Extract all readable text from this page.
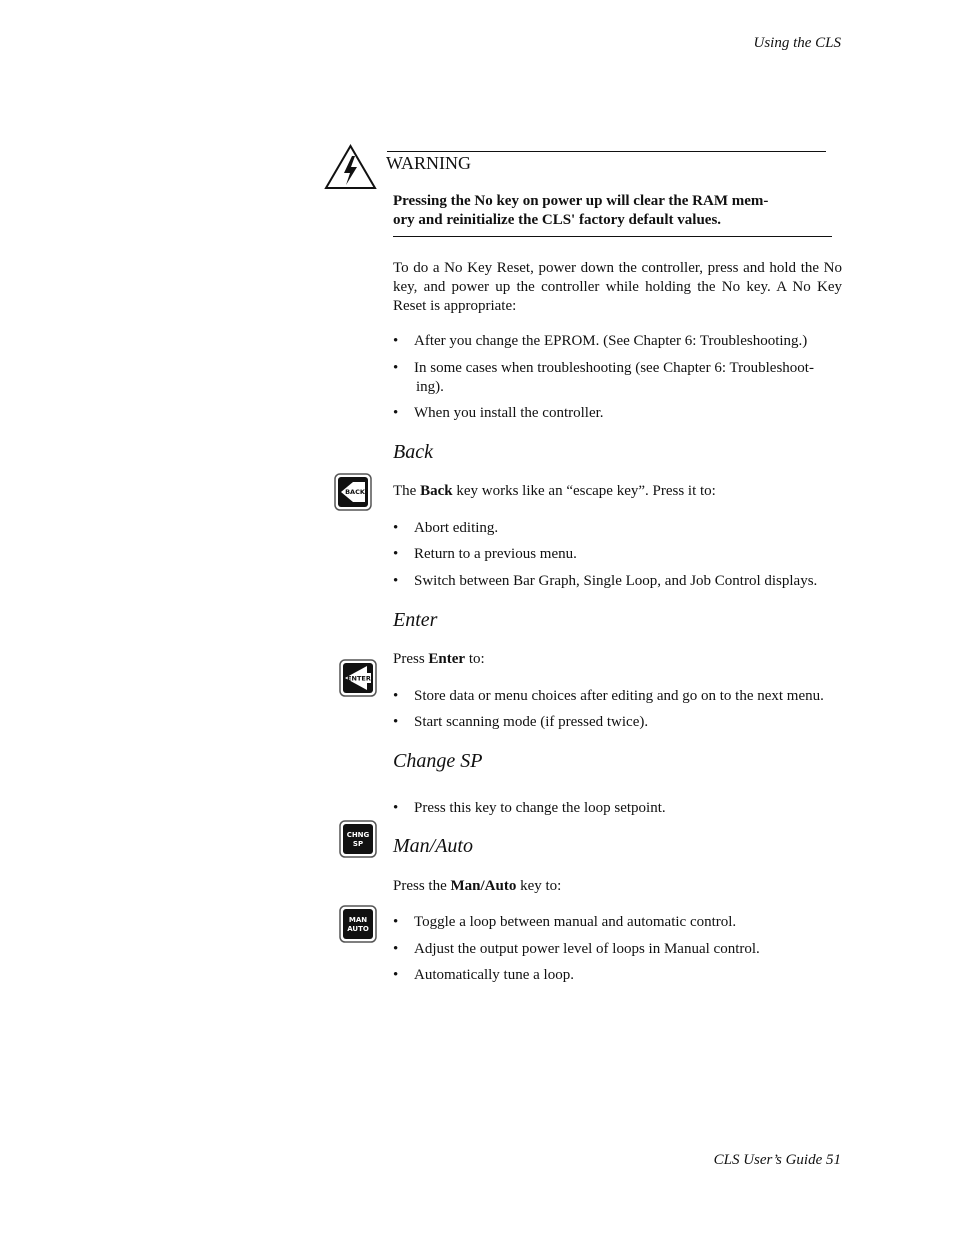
Using the CLS
WARNING
Pressing the No key on power up will clear the RAM mem-
ory and reinitialize the CLS' factory default values.
To do a No Key Reset, power down the controller, press and hold the No key, and power up the controller while holding the No key. A No Key Reset is appropriate:
•	After you change the EPROM. (See Chapter 6: Troubleshooting.)
•	In some cases when troubleshooting (see Chapter 6: Troubleshoot-
ing).
•	When you install the controller.
Back
BACK The Back key works like an “escape key”. Press it to:
•	Abort editing.
•	Return to a previous menu.
•	Switch between Bar Graph, Single Loop, and Job Control displays.
Enter
ENTER
Press Enter to:
•	Store data or menu choices after editing and go on to the next menu.
•	Start scanning mode (if pressed twice).
Change SP
•	Press this key to change the loop setpoint.
CHNG
SP Man/Auto
Press the Man/Auto key to:
MAN
AUTO •	Toggle a loop between manual and automatic control.
•	Adjust the output power level of loops in Manual control.
•	Automatically tune a loop.
CLS User’s Guide 51
